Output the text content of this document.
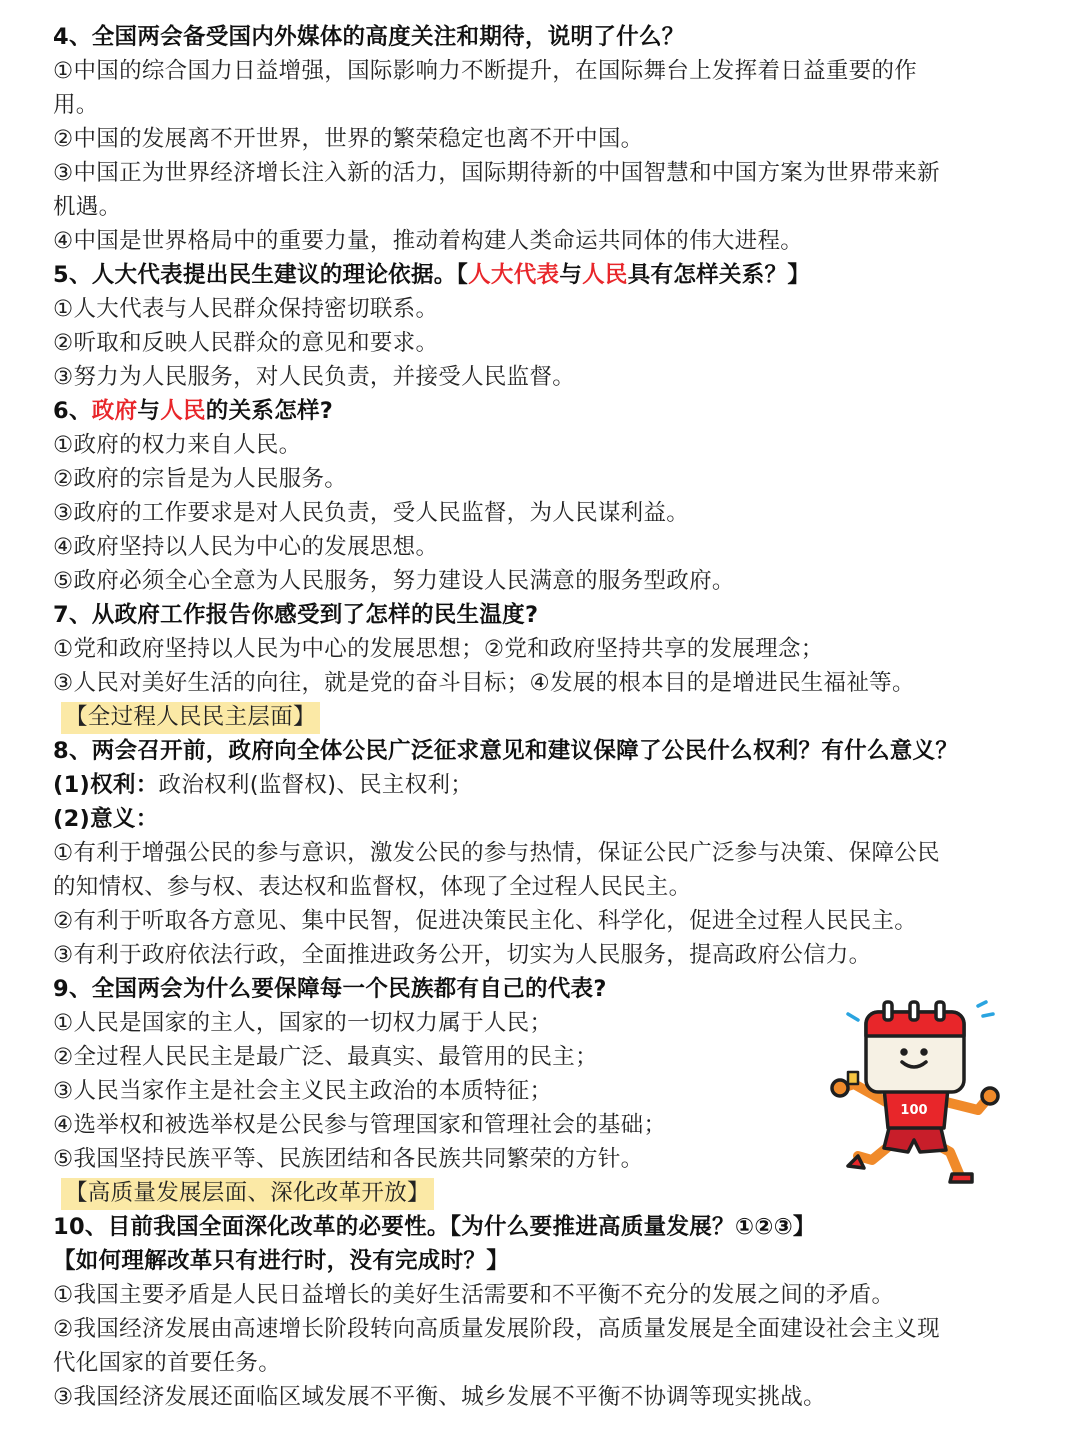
4、全国两会备受国内外媒体的高度关注和期待，说明了什么？
①中国的综合国力日益增强，国际影响力不断提升，在国际舞台上发挥着日益重要的作
用。
②中国的发展离不开世界，世界的繁荣稳定也离不开中国。
③中国正为世界经济增长注入新的活力，国际期待新的中国智慧和中国方案为世界带来新
机遇。
④中国是世界格局中的重要力量，推动着构建人类命运共同体的伟大进程。
5、人大代表提出民生建议的理论依据。【人大代表与人民具有怎样关系？】
①人大代表与人民群众保持密切联系。
②听取和反映人民群众的意见和要求。
③努力为人民服务，对人民负责，并接受人民监督。
6、政府与人民的关系怎样?
①政府的权力来自人民。
②政府的宗旨是为人民服务。
③政府的工作要求是对人民负责，受人民监督，为人民谋利益。
④政府坚持以人民为中心的发展思想。
⑤政府必须全心全意为人民服务，努力建设人民满意的服务型政府。
7、从政府工作报告你感受到了怎样的民生温度?
①党和政府坚持以人民为中心的发展思想；②党和政府坚持共享的发展理念；
③人民对美好生活的向往，就是党的奋斗目标；④发展的根本目的是增进民生福祉等。
【全过程人民民主层面】
8、两会召开前，政府向全体公民广泛征求意见和建议保障了公民什么权利？有什么意义？
(1)权利：政治权利(监督权)、民主权利；
(2)意义：
①有利于增强公民的参与意识，激发公民的参与热情，保证公民广泛参与决策、保障公民
的知情权、参与权、表达权和监督权，体现了全过程人民民主。
②有利于听取各方意见、集中民智，促进决策民主化、科学化，促进全过程人民民主。
③有利于政府依法行政，全面推进政务公开，切实为人民服务，提高政府公信力。
9、全国两会为什么要保障每一个民族都有自己的代表?
①人民是国家的主人，国家的一切权力属于人民；
②全过程人民民主是最广泛、最真实、最管用的民主；
③人民当家作主是社会主义民主政治的本质特征；
④选举权和被选举权是公民参与管理国家和管理社会的基础；
⑤我国坚持民族平等、民族团结和各民族共同繁荣的方针。
【高质量发展层面、深化改革开放】
10、目前我国全面深化改革的必要性。【为什么要推进高质量发展？①②③】
【如何理解改革只有进行时，没有完成时？】
①我国主要矛盾是人民日益增长的美好生活需要和不平衡不充分的发展之间的矛盾。
②我国经济发展由高速增长阶段转向高质量发展阶段，高质量发展是全面建设社会主义现
代化国家的首要任务。
③我国经济发展还面临区域发展不平衡、城乡发展不平衡不协调等现实挑战。
100
